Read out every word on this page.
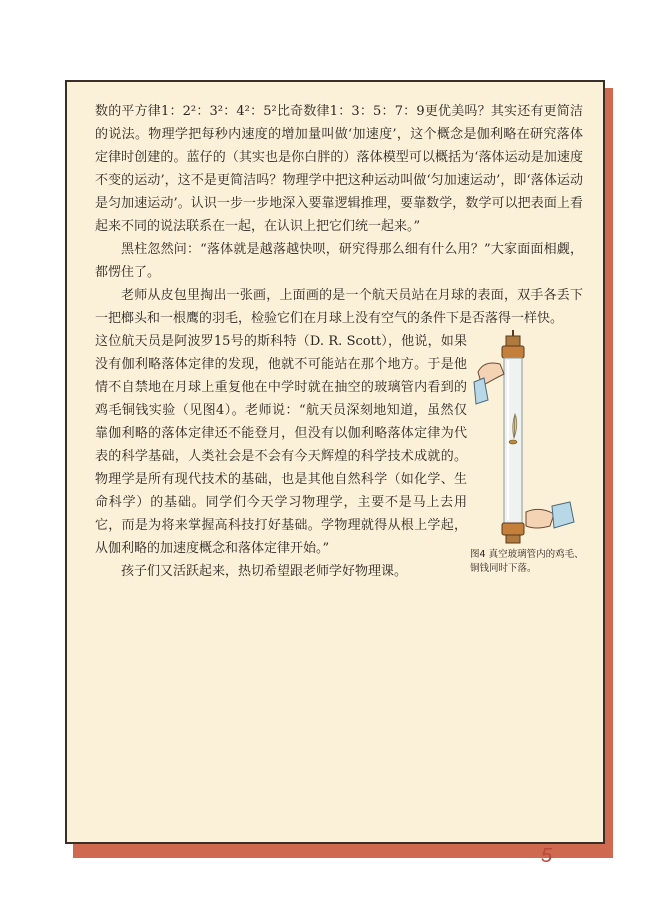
数的平方律1：2²：3²：4²：5²比奇数律1：3：5：7：9更优美吗？其实还有更简洁的说法。物理学把每秒内速度的增加量叫做‘加速度’，这个概念是伽利略在研究落体定律时创建的。蓝仔的（其实也是你白胖的）落体模型可以概括为‘落体运动是加速度不变的运动’，这不是更简洁吗？物理学中把这种运动叫做‘匀加速运动’，即‘落体运动是匀加速运动’。认识一步一步地深入要靠逻辑推理，要靠数学，数学可以把表面上看起来不同的说法联系在一起，在认识上把它们统一起来。”

黑柱忽然问：“落体就是越落越快呗，研究得那么细有什么用？”大家面面相觑，都愣住了。

老师从皮包里掏出一张画，上面画的是一个航天员站在月球的表面，双手各丢下一把榔头和一根鹰的羽毛，检验它们在月球上没有空气的条件下是否落得一样快。

这位航天员是阿波罗15号的斯科特（D. R. Scott），他说，如果没有伽利略落体定律的发现，他就不可能站在那个地方。于是他情不自禁地在月球上重复他在中学时就在抽空的玻璃管内看到的鸡毛铜钱实验（见图4）。老师说：“航天员深刻地知道，虽然仅靠伽利略的落体定律还不能登月，但没有以伽利略落体定律为代表的科学基础，人类社会是不会有今天辉煌的科学技术成就的。物理学是所有现代技术的基础，也是其他自然科学（如化学、生命科学）的基础。同学们今天学习物理学，主要不是马上去用它，而是为将来掌握高科技打好基础。学物理就得从根上学起，从伽利略的加速度概念和落体定律开始。”

孩子们又活跃起来，热切希望跟老师学好物理课。

图4 真空玻璃管内的鸡毛、铜钱同时下落。
5
